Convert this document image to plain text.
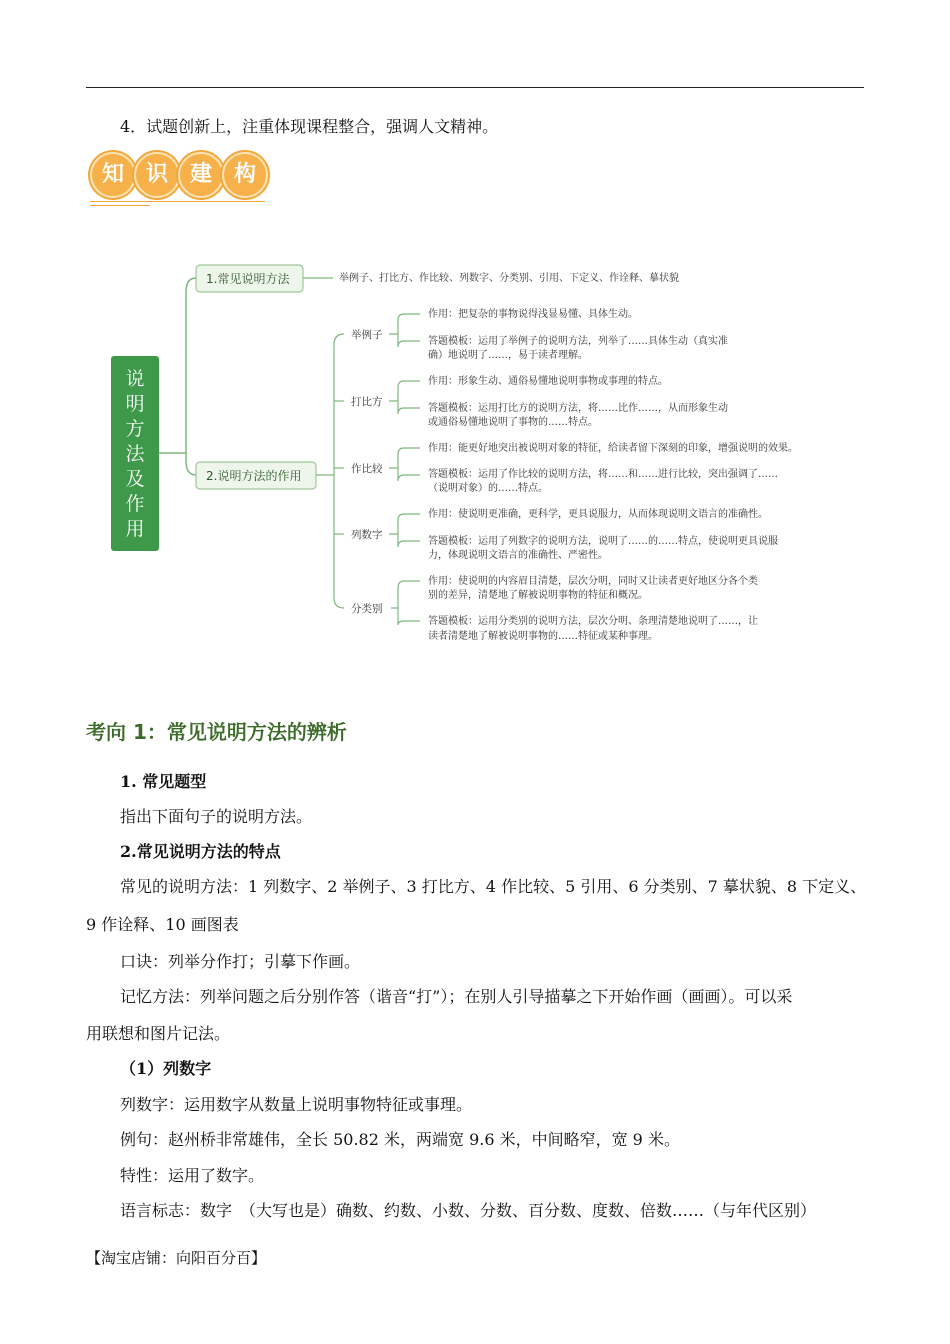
4．试题创新上，注重体现课程整合，强调人文精神。
知 识 建 构
说
明
方
法
及
作
用
1.常见说明方法	举例子、打比方、作比较、列数字、分类别、引用、下定义、作诠释、摹状貌
2.说明方法的作用
举例子
打比方
作比较
列数字
分类别
作用：把复杂的事物说得浅显易懂、具体生动。
答题模板：运用了举例子的说明方法，列举了……具体生动（真实准
确）地说明了……，易于读者理解。
作用：形象生动、通俗易懂地说明事物或事理的特点。
答题模板：运用打比方的说明方法，将……比作……，从而形象生动
或通俗易懂地说明了事物的……特点。
作用：能更好地突出被说明对象的特征，给读者留下深刻的印象，增强说明的效果。
答题模板：运用了作比较的说明方法，将……和……进行比较，突出强调了……
（说明对象）的……特点。
作用：使说明更准确，更科学，更具说服力，从而体现说明文语言的准确性。
答题模板：运用了列数字的说明方法，说明了……的……特点，使说明更具说服
力，体现说明文语言的准确性、严密性。
作用：使说明的内容眉目清楚，层次分明，同时又让读者更好地区分各个类
别的差异，清楚地了解被说明事物的特征和概况。
答题模板：运用分类别的说明方法，层次分明、条理清楚地说明了……，让
读者清楚地了解被说明事物的……特征或某种事理。
考向 1：常见说明方法的辨析
1. 常见题型
指出下面句子的说明方法。
2.常见说明方法的特点
常见的说明方法：1 列数字、2 举例子、3 打比方、4 作比较、5 引用、6 分类别、7 摹状貌、8 下定义、
9 作诠释、10 画图表
口诀：列举分作打；引摹下作画。
记忆方法：列举问题之后分别作答（谐音“打”）；在别人引导描摹之下开始作画（画画）。可以采
用联想和图片记法。
（1）列数字
列数字：运用数字从数量上说明事物特征或事理。
例句：赵州桥非常雄伟，全长 50.82 米，两端宽 9.6 米，中间略窄，宽 9 米。
特性：运用了数字。
语言标志：数字　（大写也是）确数、约数、小数、分数、百分数、度数、倍数……（与年代区别）
【淘宝店铺：向阳百分百】
